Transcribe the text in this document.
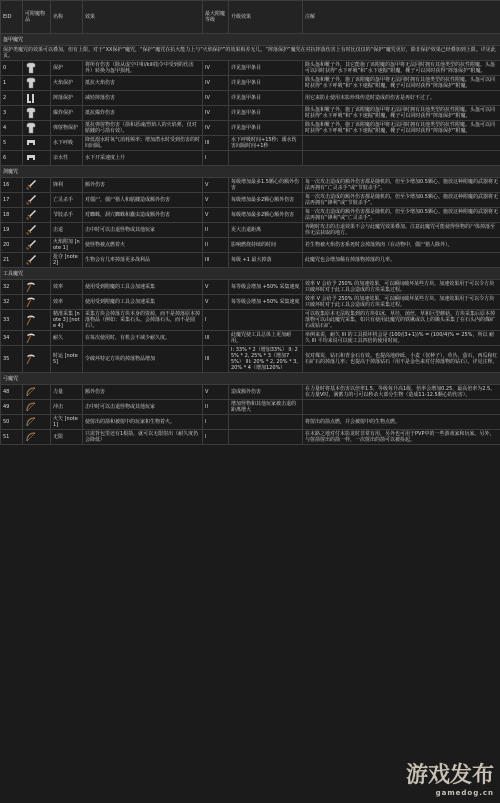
EID	可附魔物品	名称	效果	最大附魔等级	升级效果	注解
盔甲魔咒						
保护类魔咒的效果可以叠加，但有上限。对于“XX保护”魔咒，“保护”魔咒在抗火能力上与“火焰保护”的效果相差无几。“摔落保护”魔咒在对抗摔落伤害上有时比仅仅的“保护”魔咒更好，除非保护效果已经叠加到上限。详见此页。						
0		保护	将所有伤害（除从虚空中和/kill指令中受到的伤害外）转换为盔甲损耗。	IV	详见盔甲条目	除头盔和靴子外，其它能施了该附魔的盔甲将无法同时拥有其他类型的抗性附魔。头盔可以同时获得“水下呼吸”和“水下速掘”附魔，靴子可以同时获得“摔落保护”附魔。
1		火焰保护	抵抗火焰伤害	IV	详见盔甲条目	除头盔和靴子外，施了该附魔的盔甲将无法同时拥有其他类型的抗性附魔。头盔可以同时获得“水下呼吸”和“水下速掘”附魔，靴子可以同时获得“摔落保护”附魔。
2		摔落保护	减轻摔落伤害	IV	详见盔甲条目	用它来防止使用末影珍珠传送时造成的伤害是再好不过了。
3		爆炸保护	抵抗爆炸伤害	IV	详见盔甲条目	除头盔和靴子外，施了该附魔的盔甲将无法同时拥有其他类型的抗性附魔。头盔可以同时获得“水下呼吸”和“水下速掘”附魔，靴子可以同时获得“摔落保护”附魔。
4		弹射物保护	抵抗弹射物伤害（箭和恶魂/烈焰人的火焰弹，仅对骷髅的弓箭有效）。	IV	详见盔甲条目	除头盔和靴子外，施了该附魔的盔甲将无法同时拥有其他类型的抗性附魔。头盔可以同时获得“水下呼吸”和“水下速掘”附魔，靴子可以同时获得“摔落保护”附魔。
5		水下呼吸	降低溺水时氧气消耗频率；增加潜水时受到伤害的时间间隔。	III	水下呼吸时间+15秒；溺水伤害间隔时间+1秒	
6		亲水性	水下开采速度上升	I		
剑魔咒						
16		锋利	额外伤害	V	每级增加最多1.5颗心的额外伤害	每一次攻击造成的额外伤害都是随机的，但至少增加0.5颗心。施放这种附魔的武器将无法再拥有“亡灵杀手”或“节肢杀手”。
17		亡灵杀手	对僵尸，僵尸猪人和骷髅造成额外伤害	V	每级增加最多2颗心额外伤害	每一次攻击造成的额外伤害都是随机的，但至少增加0.5颗心。施放这种附魔的武器将无法再拥有“锋利”或“节肢杀手”。
18		节肢杀手	对蜘蛛，洞穴蜘蛛和蠹虫造成额外伤害	V	每级增加最多2颗心额外伤害	每一次攻击造成的额外伤害都是随机的，但至少增加0.5颗心。施放这种附魔的武器将无法再拥有“锋利”或“亡灵杀手”。
19		击退	击中时可以击退怪物或其他玩家	II	更大击退距离	奔跑时攻击的击退效果不会与此魔咒效果叠加。注意此魔咒可能使得怪物的尸体掉落至你无法获取的地方。
20		火焰附加 [note 1]	使怪物被点燃着火	II	影响燃烧持续的时间	若生物被火焰伤害系死时会掉落熟肉（在动物中，僵尸猪人除外）。
21		抢夺 [note 2]	生物会有几率掉落更多战利品	III	每级 +1 最大掉落	此魔咒也会增加稀有掉落物掉落的几率。
工具魔咒						
32		效率	使用受到附魔的工具会加速采集	V	每等级会增加 +50% 采集速度	效率 V 会给予 250% 的加速效果，可以瞬间破坏某些方块。加速效果用于可以令方块只破坏时对于此工具会造成的方块采集过程。
32		效率	使用受到附魔的工具会加速采集	V	每等级会增加 +50% 采集速度	效率 V 会给予 250% 的加速效果，可以瞬间破坏某些方块。加速效果用于可以令方块只破坏时对于此工具会造成的方块采集过程。
33		精准采集 [note 3] [note 4]	采集方块会掉落方块本身的资源，而不是掉落原本掉落物品（例如：采集石头、会掉落石头，而不是圆石）。	I		可以收集原本无法收集到的方块如冰，草径，菌丝，草和巨型蘑菇。方块采集后原本掉落物可以由此魔咒采集，如只有使用此魔咒的铁锹或以上的锄头采集了在石头内的煤矿石或钻石矿。
34		耐久	在每次使用时，有机会不减少耐久度。	III	此魔咒使工具总体上更加耐用。	举例来说，耐久 III 的工具损坏机会是 (100/(3+1))% = (100/4)% = 25%，所以 耐久 III 平均来说可以使工具四倍的使用时间。
35		时运 [note 5]	令破坏特定方块的掉落物品增加	III	I: 33% * 2（增加33%） II: 25% * 2, 25% * 3（增加75%） III: 20% * 2, 20% * 3, 20% * 4（增加120%）	仅对煤炭，钻石和青金石有效。也提高地砂砾、小麦（仅种子），草丛，萤石，西瓜和红石矿石的掉落几率；也提高于掉落钻石（用不是金色来对付掉落物的钻石）。详见注释。
弓魔咒						
48		力量	额外伤害	V	造成额外伤害	在力量时将基本伤害以倍率1.5，等级每升高1级，倍率会增加0.25，最高倍率为2.5。在力量V时，满蓄力的弓可以秒杀大部分生物（造成11-12.5颗心的伤害）。
49		冲击	击中时可以击退怪物或其他玩家	II	增加怪物和其他玩家被击退的距离增大	
50		火矢 [note 1]	使射出的箭和被射中的玩家和生物着火。	I		将射出的箭点燃，并会被射中的生物点燃。
51		无限	只需背包里还有1根箭，就可以无限射出（耐久度仍会降低）	I		在末路之地对付末影龙时非常有用，另外也可用于PVP中的一些游戏家和玩家。另外，与射箭射出的箭一样，一次射出的箭可以被捡起。
游戏发布
gamedog.cn
